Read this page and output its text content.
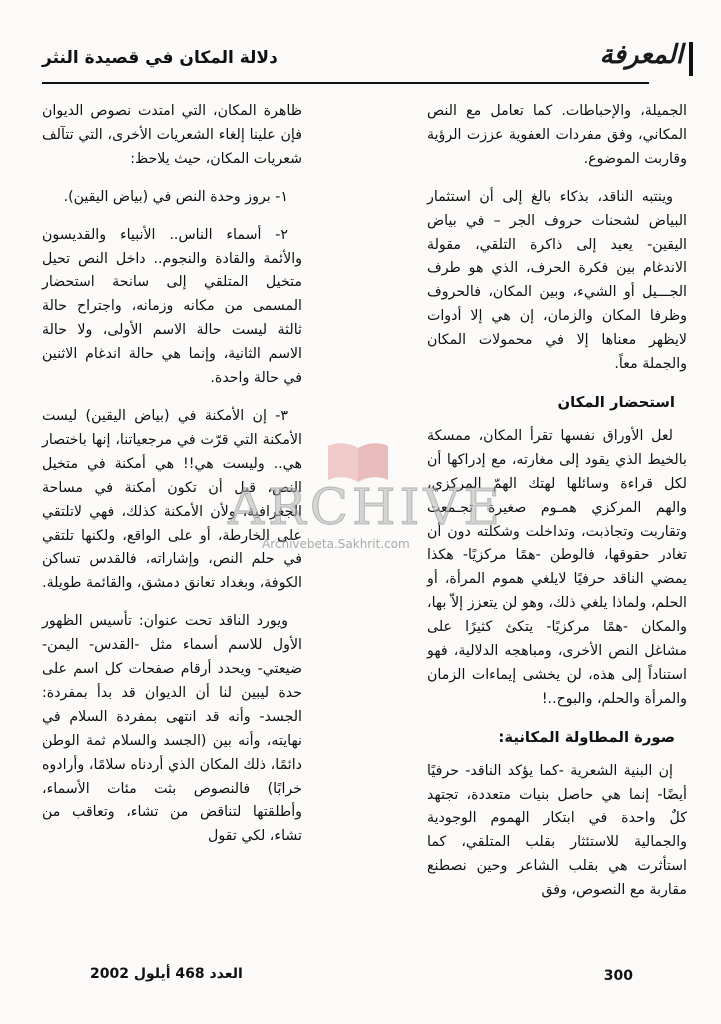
المعرفة
دلالة المكان في قصيدة النثر

الجميلة، والإحباطات. كما تعامل مع النص المكاني، وفق مفردات العفوية عززت الرؤية وقاربت الموضوع.

وينتبه الناقد، بذكاء بالغ إلى أن استثمار البياض لشحنات حروف الجر – في بياض اليقين- يعيد إلى ذاكرة التلقي، مقولة الاندغام بين فكرة الحرف، الذي هو طرف الجـــيل أو الشيء، وبين المكان، فالحروف وظرفا المكان والزمان، إن هي إلا أدوات لايظهر معناها إلا في محمولات المكان والجملة معاً.

استحضار المكان

لعل الأوراق نفسها تقرأ المكان، ممسكة بالخيط الذي يقود إلى مغارته، مع إدراكها أن لكل قراءة وسائلها لهتك الهمّ المركزي، والهم المركزي همـوم صغيرة تجـمعت وتقاربت وتجاذبت، وتداخلت وشكلته دون أن تغادر حقوقها، فالوطن -همًا مركزيًا- هكذا يمضي الناقد حرفيًا لايلغي هموم المرأة، أو الحلم، ولماذا يلغي ذلك، وهو لن يتعزز إلاّ بها، والمكان -همًا مركزيًا- يتكئ كثيرًا على مشاغل النص الأخرى، ومباهجه الدلالية، فهو استناداً إلى هذه، لن يخشى إيماءات الزمان والمرأة والحلم، والبوح..!

صورة المطاولة المكانية:

إن البنية الشعرية -كما يؤكد الناقد- حرفيًا أيضًا- إنما هي حاصل بنيات متعددة، تجتهد كلٌ واحدة في ابتكار الهموم الوجودية والجمالية للاستئثار بقلب المتلقي، كما استأثرت هي بقلب الشاعر وحين نصطنع مقاربة مع النصوص، وفق

ظاهرة المكان، التي امتدت نصوص الديوان فإن علينا إلغاء الشعريات الأخرى، التي تتآلف شعريات المكان، حيث يلاحظ:

١- بروز وحدة النص في (بياض اليقين).

٢- أسماء الناس.. الأنبياء والقديسون والأئمة والقادة والنجوم.. داخل النص تحيل متخيل المتلقي إلى سانحة استحضار المسمى من مكانه وزمانه، واجتراح حالة ثالثة ليست حالة الاسم الأولى، ولا حالة الاسم الثانية، وإنما هي حالة اندغام الاثنين في حالة واحدة.

٣- إن الأمكنة في (بياض اليقين) ليست الأمكنة التي قرّت في مرجعياتنا، إنها باختصار هي.. وليست هي!! هي أمكنة في متخيل النص، قبل أن تكون أمكنة في مساحة الجغرافية، ولأن الأمكنة كذلك، فهي لاتلتقي على الخارطة، أو على الواقع، ولكنها تلتقي في حلم النص، وإشاراته، فالقدس تساكن الكوفة، وبغداد تعانق دمشق، والقائمة طويلة.

ويورد الناقد تحت عنوان: تأسيس الظهور الأول للاسم أسماء مثل -القدس- اليمن- ضيعتي- ويحدد أرقام صفحات كل اسم على حدة ليبين لنا أن الديوان قد بدأ بمفردة: الجسد- وأنه قد انتهى بمفردة السلام في نهايته، وأنه بين (الجسد والسلام ثمة الوطن دائمًا، ذلك المكان الذي أردناه سلامًا، وأرادوه خرابًا) فالنصوص بثت مئات الأسماء، وأطلقتها لتناقض من تشاء، وتعاقب من تشاء، لكي تقول

ARCHIVE
Archivebeta.Sakhrit.com
العدد 468 أيلول 2002	300
